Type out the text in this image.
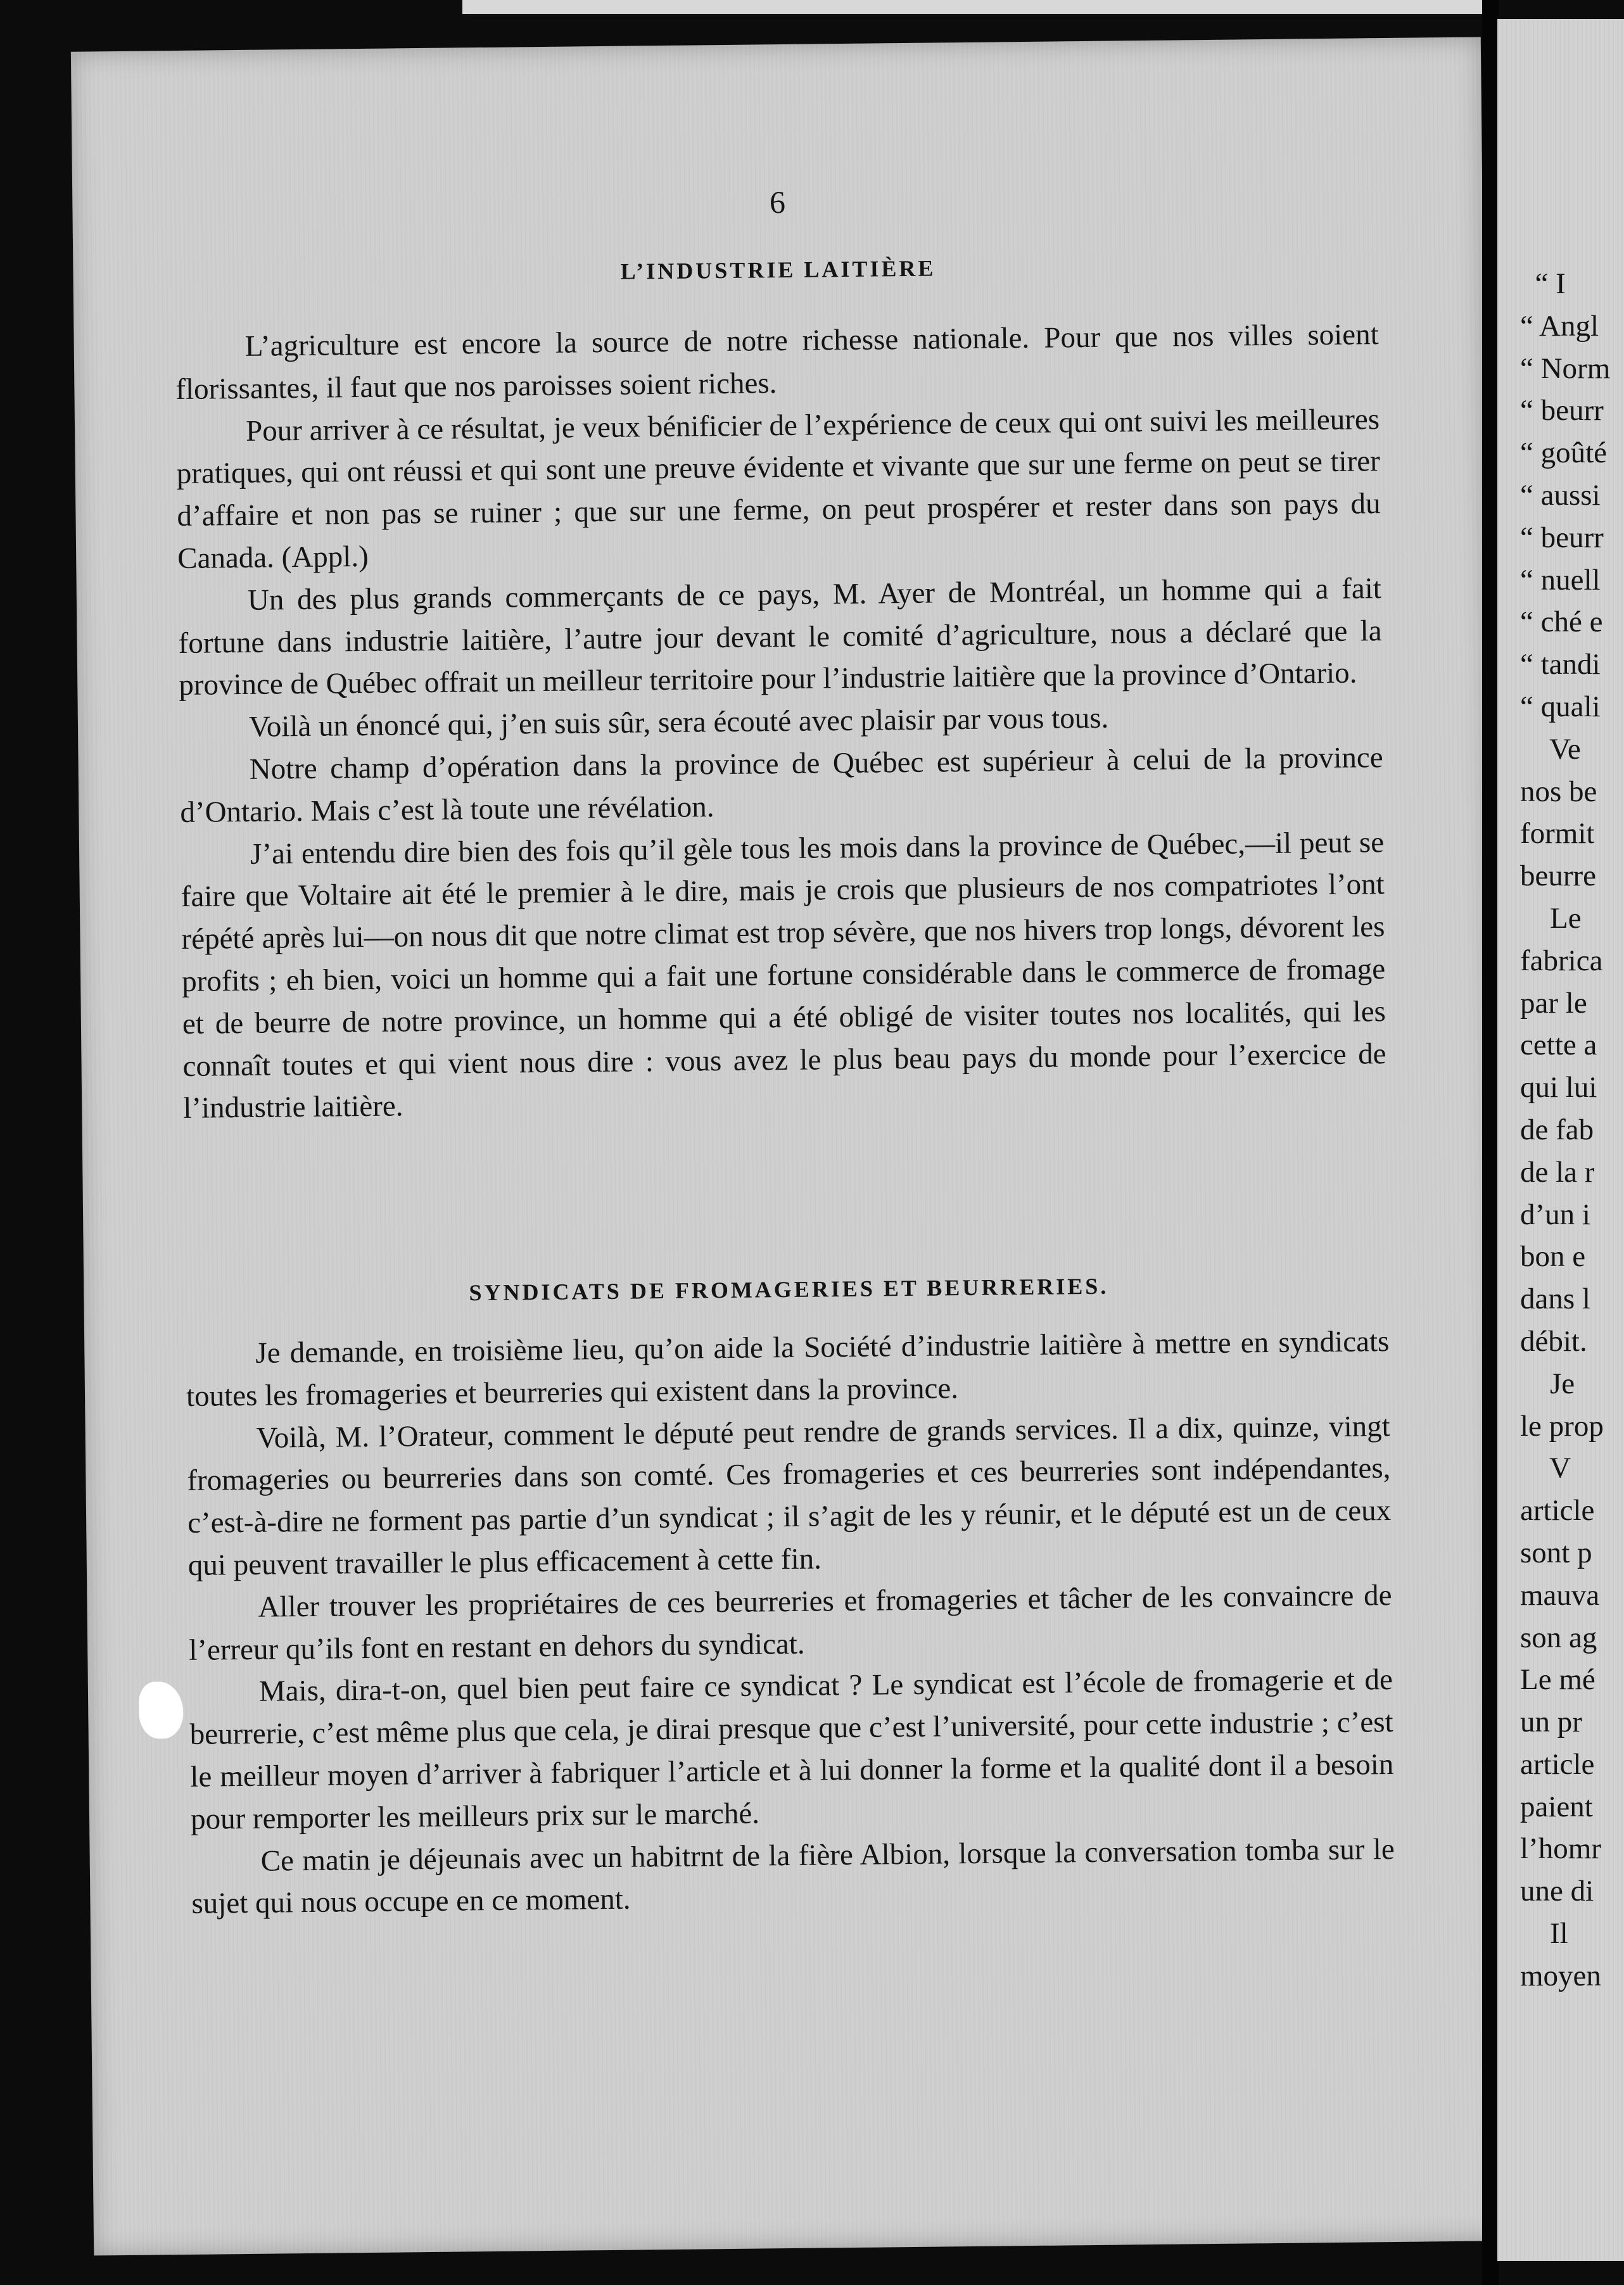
6
L’INDUSTRIE LAITIÈRE

L’agriculture est encore la source de notre richesse nationale. Pour que nos villes soient florissantes, il faut que nos paroisses soient riches.

Pour arriver à ce résultat, je veux bénificier de l’expérience de ceux qui ont suivi les meilleures pratiques, qui ont réussi et qui sont une preuve évidente et vivante que sur une ferme on peut se tirer d’affaire et non pas se ruiner ; que sur une ferme, on peut prospérer et rester dans son pays du Canada. (Appl.)

Un des plus grands commerçants de ce pays, M. Ayer de Montréal, un homme qui a fait fortune dans industrie laitière, l’autre jour devant le comité d’agriculture, nous a déclaré que la province de Québec offrait un meilleur territoire pour l’industrie laitière que la province d’Ontario.

Voilà un énoncé qui, j’en suis sûr, sera écouté avec plaisir par vous tous.

Notre champ d’opération dans la province de Québec est supérieur à celui de la province d’Ontario. Mais c’est là toute une révélation.

J’ai entendu dire bien des fois qu’il gèle tous les mois dans la province de Québec,—il peut se faire que Voltaire ait été le premier à le dire, mais je crois que plusieurs de nos compatriotes l’ont répété après lui—on nous dit que notre climat est trop sévère, que nos hivers trop longs, dévorent les profits ; eh bien, voici un homme qui a fait une fortune considérable dans le commerce de fromage et de beurre de notre province, un homme qui a été obligé de visiter toutes nos localités, qui les connaît toutes et qui vient nous dire : vous avez le plus beau pays du monde pour l’exercice de l’industrie laitière.

SYNDICATS DE FROMAGERIES ET BEURRERIES.

Je demande, en troisième lieu, qu’on aide la Société d’industrie laitière à mettre en syndicats toutes les fromageries et beurreries qui existent dans la province.

Voilà, M. l’Orateur, comment le député peut rendre de grands services. Il a dix, quinze, vingt fromageries ou beurreries dans son comté. Ces fromageries et ces beurreries sont indépendantes, c’est-à-dire ne forment pas partie d’un syndicat ; il s’agit de les y réunir, et le député est un de ceux qui peuvent travailler le plus efficacement à cette fin.

Aller trouver les propriétaires de ces beurreries et fromageries et tâcher de les convaincre de l’erreur qu’ils font en restant en dehors du syndicat.

Mais, dira-t-on, quel bien peut faire ce syndicat ? Le syndicat est l’école de fromagerie et de beurrerie, c’est même plus que cela, je dirai presque que c’est l’université, pour cette industrie ; c’est le meilleur moyen d’arriver à fabriquer l’article et à lui donner la forme et la qualité dont il a besoin pour remporter les meilleurs prix sur le marché.

Ce matin je déjeunais avec un habitrnt de la fière Albion, lorsque la conversation tomba sur le sujet qui nous occupe en ce moment.

“ I
“ Angl
“ Norm
“ beurr
“ goûté
“ aussi
“ beurr
“ nuell
“ ché e
“ tandi
“ quali
Ve
nos be
formit
beurre
Le
fabrica
par le
cette a
qui lui
de fab
de la r
d’un i
bon e
dans l
débit.
Je
le prop
V
article
sont p
mauva
son ag
Le mé
un pr
article
paient
l’homr
une di
Il
moyen
